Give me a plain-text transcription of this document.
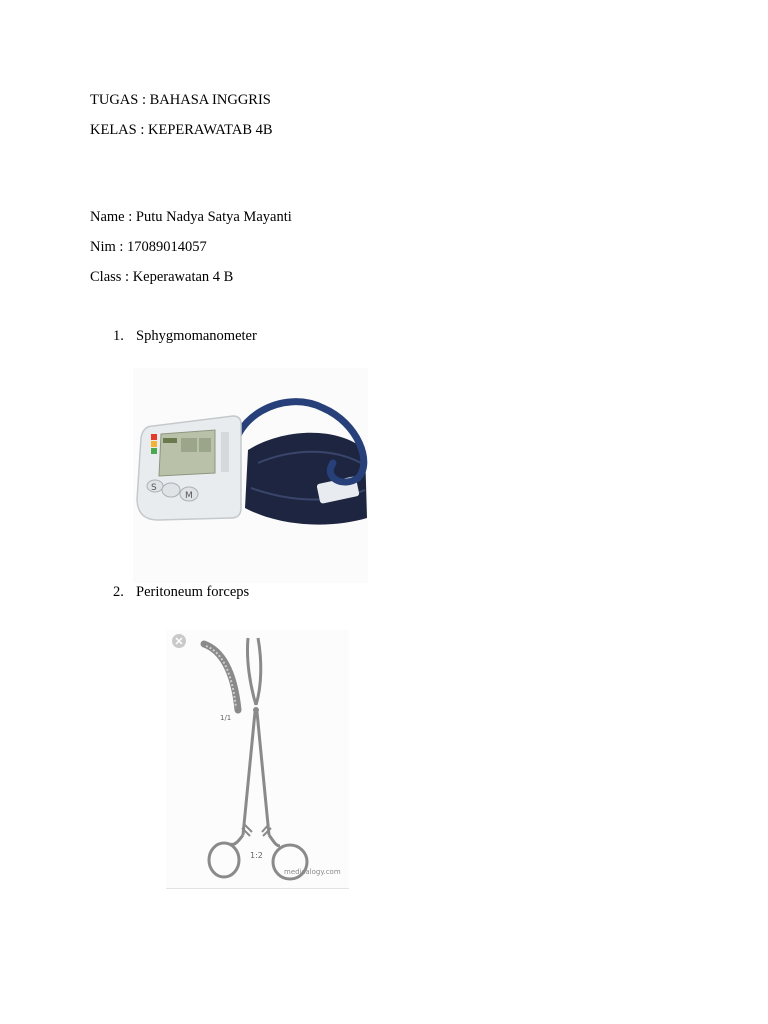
TUGAS : BAHASA INGGRIS
KELAS : KEPERAWATAB 4B
Name : Putu Nadya Satya Mayanti
Nim : 17089014057
Class : Keperawatan 4 B
1. Sphygmomanometer
S
M
2. Peritoneum forceps
1/1
1:2
medicalogy.com
